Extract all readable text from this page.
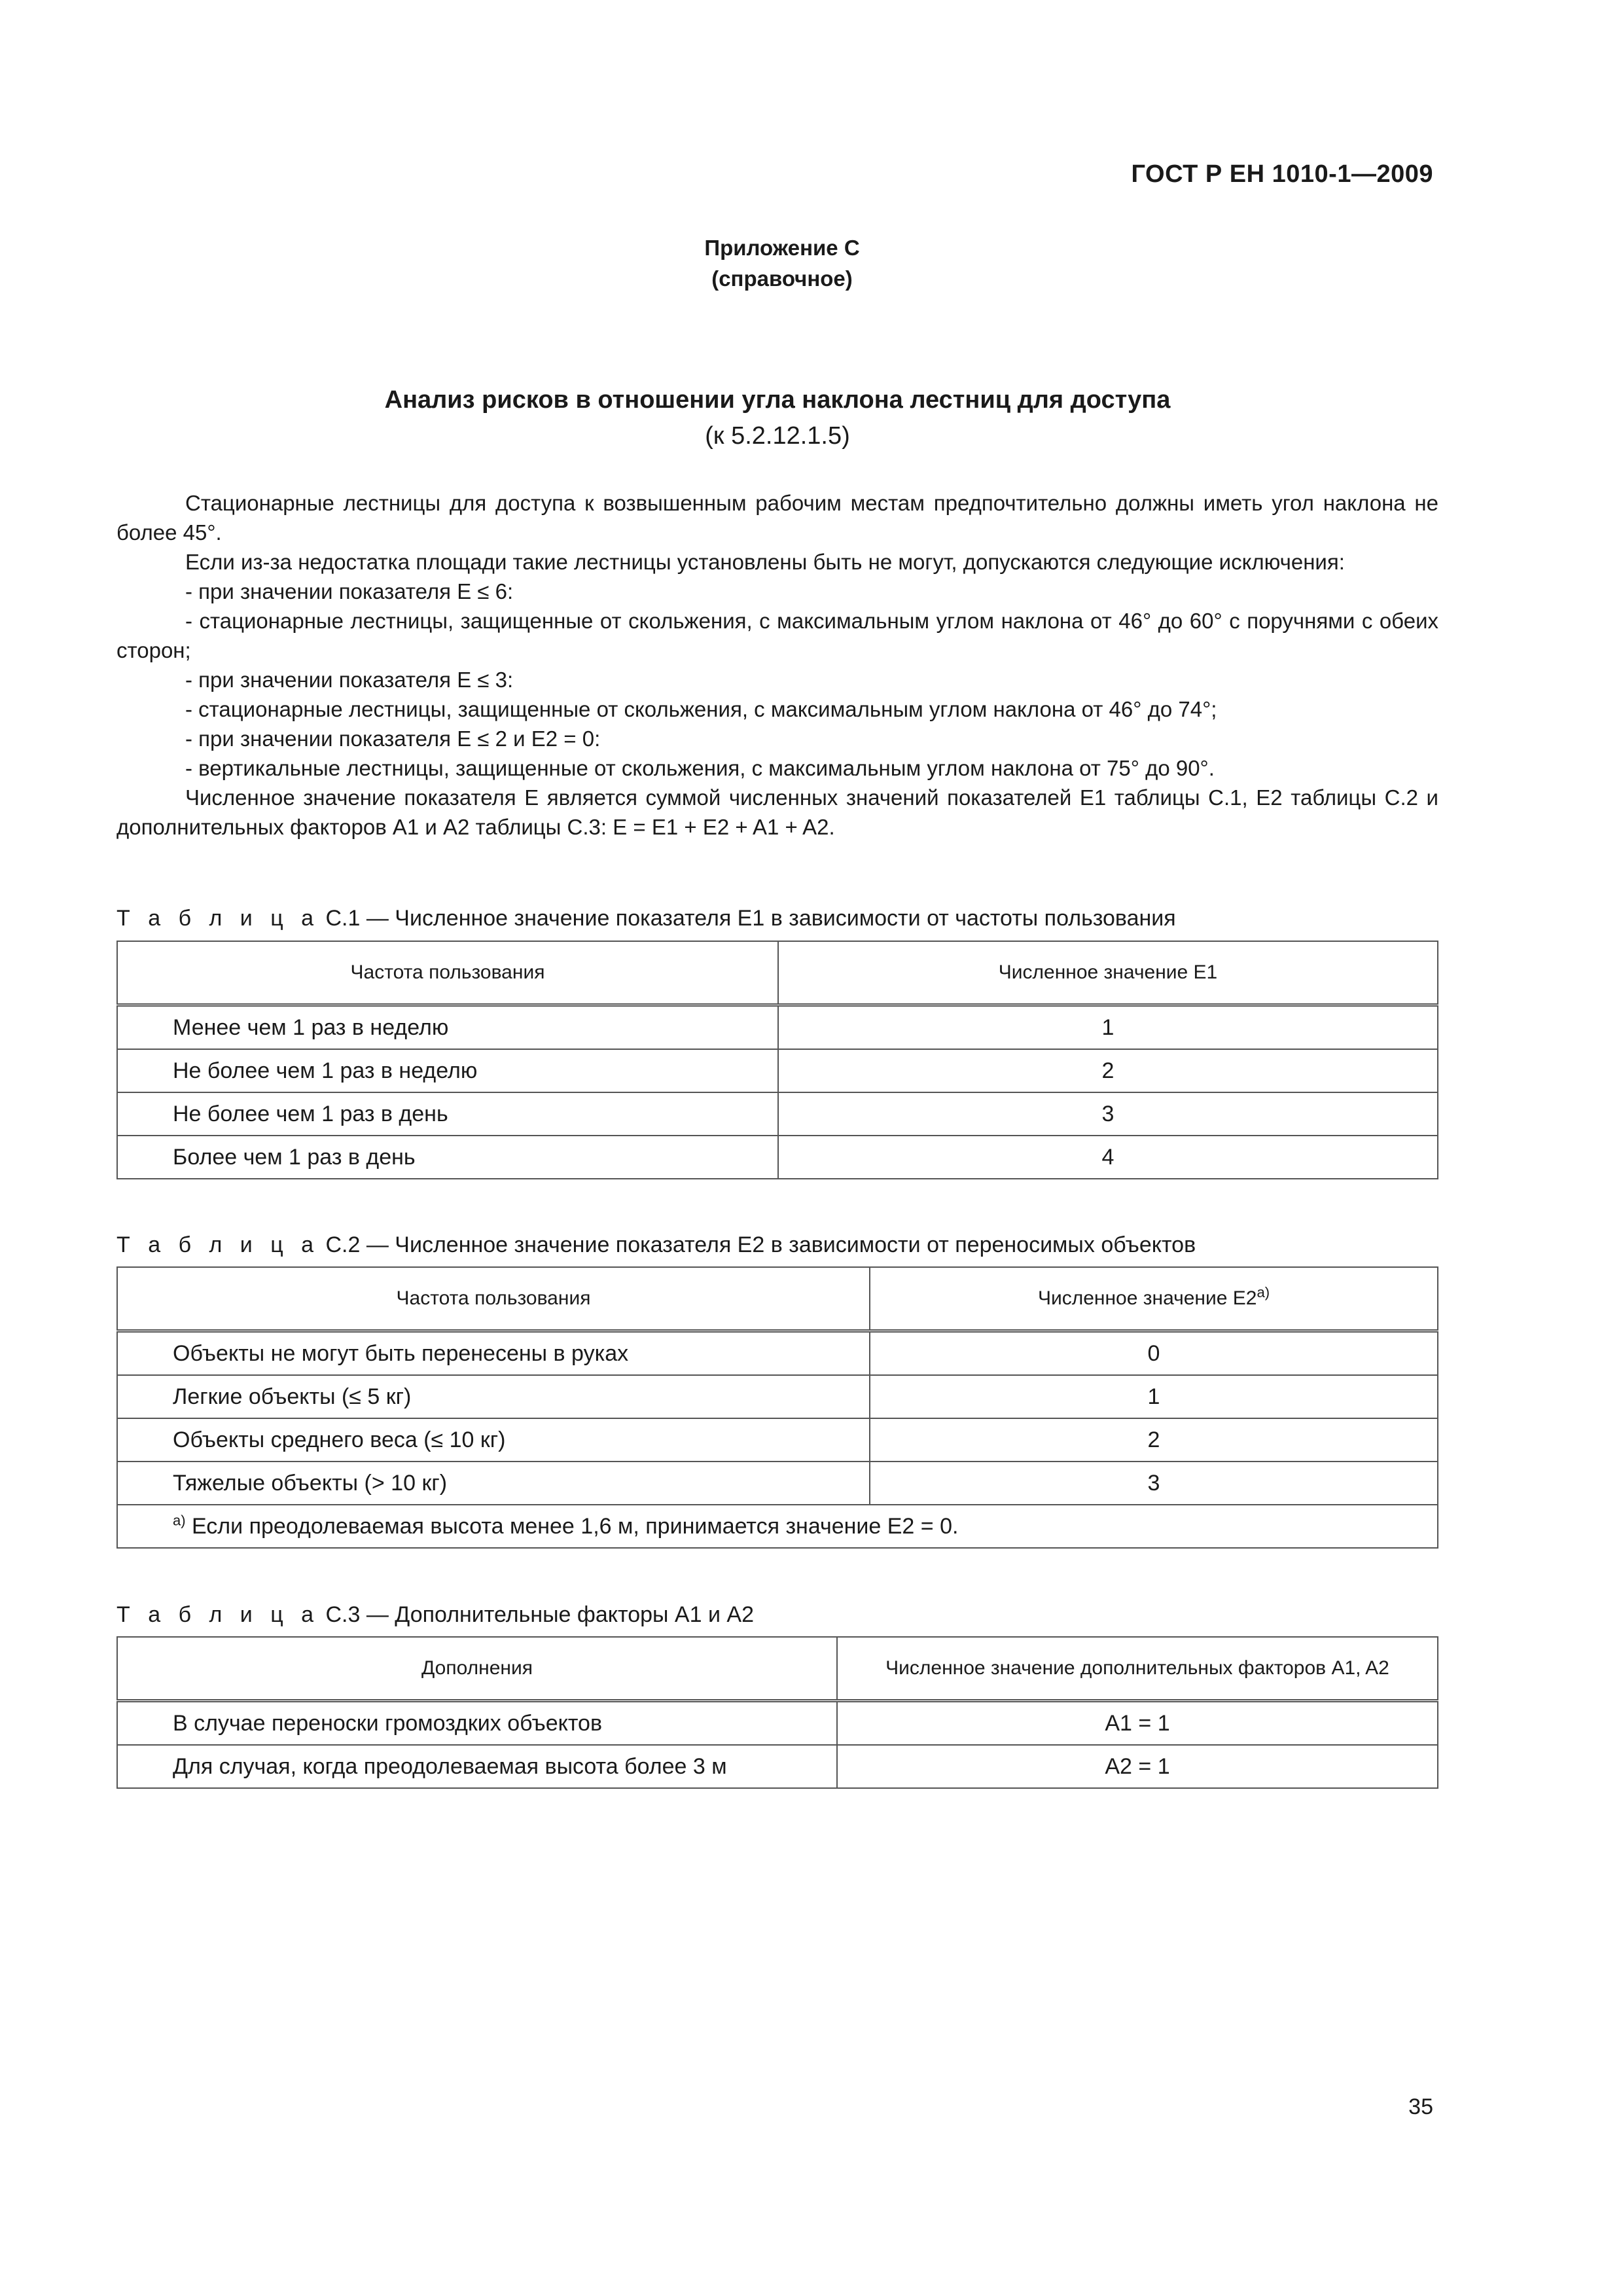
ГОСТ Р ЕН 1010-1—2009
Приложение С
(справочное)
Анализ рисков в отношении угла наклона лестниц для доступа
(к 5.2.12.1.5)

Стационарные лестницы для доступа к возвышенным рабочим местам предпочтительно должны иметь угол наклона не более 45°.

Если из-за недостатка площади такие лестницы установлены быть не могут, допускаются следующие исключения:

- при значении показателя E ≤ 6:

- стационарные лестницы, защищенные от скольжения, с максимальным углом наклона от 46° до 60° с поручнями с обеих сторон;

- при значении показателя E ≤ 3:

- стационарные лестницы, защищенные от скольжения, с максимальным углом наклона от 46° до 74°;

- при значении показателя E ≤ 2 и E2 = 0:

- вертикальные лестницы, защищенные от скольжения, с максимальным углом наклона от 75° до 90°.

Численное значение показателя E является суммой численных значений показателей E1 таблицы С.1, E2 таблицы С.2 и дополнительных факторов A1 и A2 таблицы С.3: E = E1 + E2 + A1 + A2.

Т а б л и ц а С.1 — Численное значение показателя E1 в зависимости от частоты пользования
Частота пользования	Численное значение E1
Менее чем 1 раз в неделю	1
Не более чем 1 раз в неделю	2
Не более чем 1 раз в день	3
Более чем 1 раз в день	4
Т а б л и ц а С.2 — Численное значение показателя E2 в зависимости от переносимых объектов
Частота пользования	Численное значение $E2^{а)}$
Объекты не могут быть перенесены в руках	0
Легкие объекты (≤ 5 кг)	1
Объекты среднего веса (≤ 10 кг)	2
Тяжелые объекты (> 10 кг)	3
$^{а)}$ Если преодолеваемая высота менее 1,6 м, принимается значение E2 = 0.	
Т а б л и ц а С.3 — Дополнительные факторы A1 и A2
Дополнения	Численное значение дополнительных факторов A1, A2
В случае переноски громоздких объектов	A1 = 1
Для случая, когда преодолеваемая высота более 3 м	A2 = 1
35
